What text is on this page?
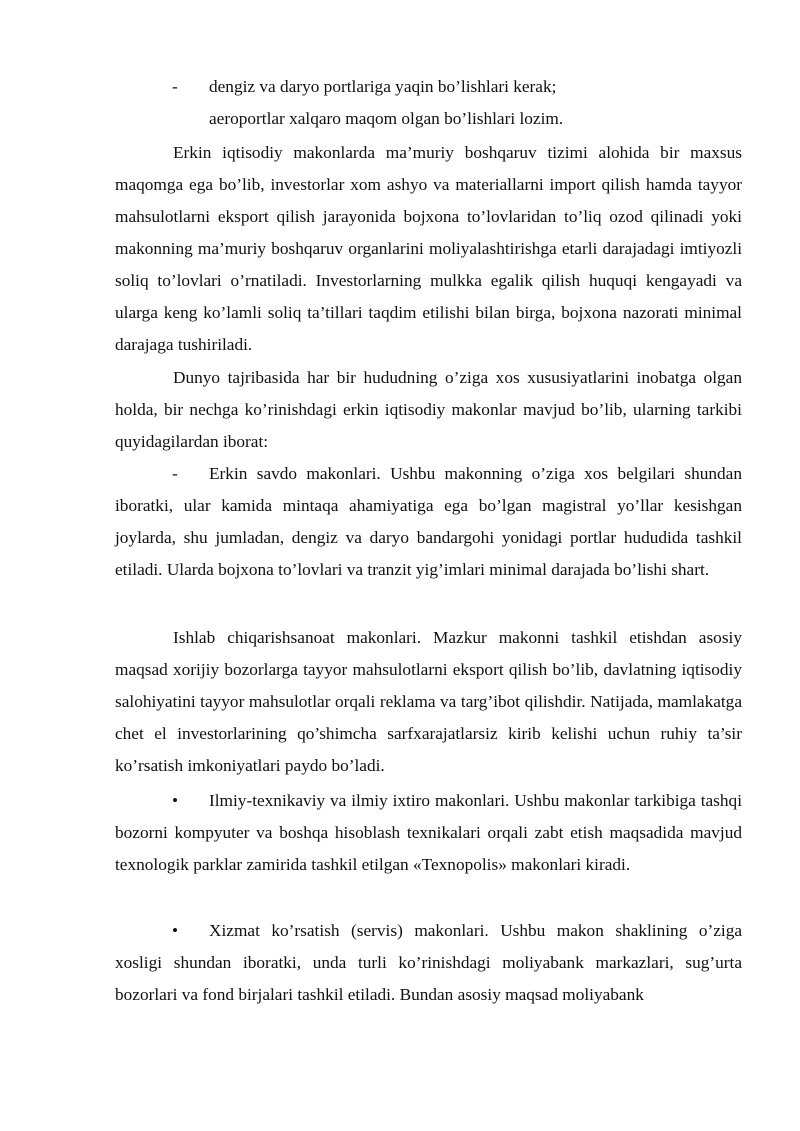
- dengiz va daryo portlariga yaqin bo’lishlari kerak;

aeroportlar xalqaro maqom olgan bo’lishlari lozim.

Erkin iqtisodiy makonlarda ma’muriy boshqaruv tizimi alohida bir maxsus maqomga ega bo’lib, investorlar xom ashyo va materiallarni import qilish hamda tayyor mahsulotlarni eksport qilish jarayonida bojxona to’lovlaridan to’liq ozod qilinadi yoki makonning ma’muriy boshqaruv organlarini moliyalashtirishga etarli darajadagi imtiyozli soliq to’lovlari o’rnatiladi. Investorlarning mulkka egalik qilish huquqi kengayadi va ularga keng ko’lamli soliq ta’tillari taqdim etilishi bilan birga, bojxona nazorati minimal darajaga tushiriladi.

Dunyo tajribasida har bir hududning o’ziga xos xususiyatlarini inobatga olgan holda, bir nechga ko’rinishdagi erkin iqtisodiy makonlar mavjud bo’lib, ularning tarkibi quyidagilardan iborat:

-	Erkin savdo makonlari. Ushbu makonning o’ziga xos belgilari shundan iboratki, ular kamida mintaqa ahamiyatiga ega bo’lgan magistral yo’llar kesishgan joylarda, shu jumladan, dengiz va daryo bandargohi yonidagi portlar hududida tashkil etiladi. Ularda bojxona to’lovlari va tranzit yig’imlari minimal darajada bo’lishi shart.

Ishlab chiqarishsanoat makonlari. Mazkur makonni tashkil etishdan asosiy maqsad xorijiy bozorlarga tayyor mahsulotlarni eksport qilish bo’lib, davlatning iqtisodiy salohiyatini tayyor mahsulotlar orqali reklama va targ’ibot qilishdir. Natijada, mamlakatga chet el investorlarining qo’shimcha sarfxarajatlarsiz kirib kelishi uchun ruhiy ta’sir ko’rsatish imkoniyatlari paydo bo’ladi.

•	Ilmiy-texnikaviy va ilmiy ixtiro makonlari. Ushbu makonlar tarkibiga tashqi bozorni kompyuter va boshqa hisoblash texnikalari orqali zabt etish maqsadida mavjud texnologik parklar zamirida tashkil etilgan «Texnopolis» makonlari kiradi.

•	Xizmat ko’rsatish (servis) makonlari. Ushbu makon shaklining o’ziga xosligi shundan iboratki, unda turli ko’rinishdagi moliyabank markazlari, sug’urta bozorlari va fond birjalari tashkil etiladi. Bundan asosiy maqsad moliyabank
